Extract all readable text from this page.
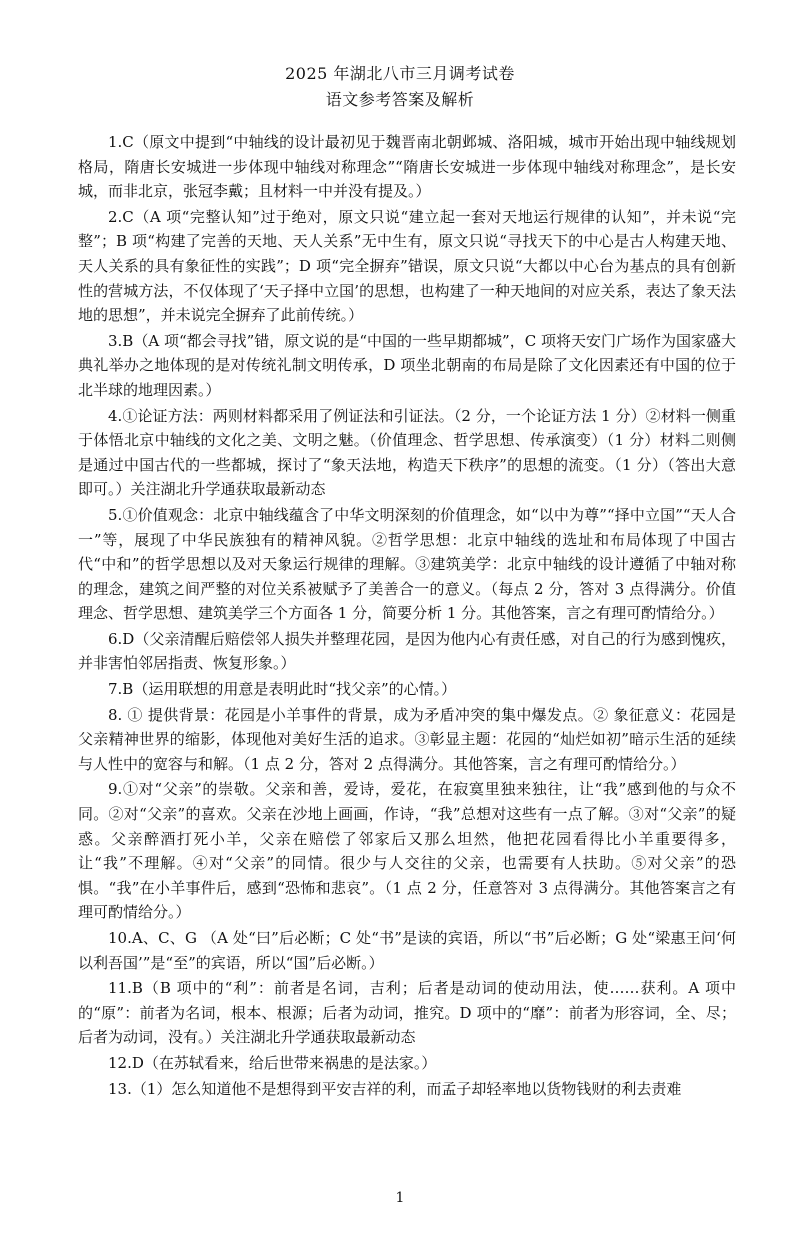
2025 年湖北八市三月调考试卷

语文参考答案及解析

1.C（原文中提到“中轴线的设计最初见于魏晋南北朝邺城、洛阳城，城市开始出现中轴线规划格局，隋唐长安城进一步体现中轴线对称理念”“隋唐长安城进一步体现中轴线对称理念”，是长安城，而非北京，张冠李戴；且材料一中并没有提及。）

2.C（A 项“完整认知”过于绝对，原文只说“建立起一套对天地运行规律的认知”，并未说“完整”；B 项“构建了完善的天地、天人关系”无中生有，原文只说“寻找天下的中心是古人构建天地、天人关系的具有象征性的实践”；D 项“完全摒弃”错误，原文只说“大都以中心台为基点的具有创新性的营城方法，不仅体现了‘天子择中立国’的思想，也构建了一种天地间的对应关系，表达了象天法地的思想”，并未说完全摒弃了此前传统。）

3.B（A 项“都会寻找”错，原文说的是“中国的一些早期都城”，C 项将天安门广场作为国家盛大典礼举办之地体现的是对传统礼制文明传承，D 项坐北朝南的布局是除了文化因素还有中国的位于北半球的地理因素。）

4.①论证方法：两则材料都采用了例证法和引证法。（2 分，一个论证方法 1 分）②材料一侧重于体悟北京中轴线的文化之美、文明之魅。（价值理念、哲学思想、传承演变）（1 分）材料二则侧是通过中国古代的一些都城，探讨了“象天法地，构造天下秩序”的思想的流变。（1 分）（答出大意即可。）关注湖北升学通获取最新动态

5.①价值观念：北京中轴线蕴含了中华文明深刻的价值理念，如“以中为尊”“择中立国”“天人合一”等，展现了中华民族独有的精神风貌。②哲学思想：北京中轴线的选址和布局体现了中国古代“中和”的哲学思想以及对天象运行规律的理解。③建筑美学：北京中轴线的设计遵循了中轴对称的理念，建筑之间严整的对位关系被赋予了美善合一的意义。（每点 2 分，答对 3 点得满分。价值理念、哲学思想、建筑美学三个方面各 1 分，简要分析 1 分。其他答案，言之有理可酌情给分。）

6.D（父亲清醒后赔偿邻人损失并整理花园，是因为他内心有责任感，对自己的行为感到愧疚，并非害怕邻居指责、恢复形象。）

7.B（运用联想的用意是表明此时“找父亲”的心情。）

8. ① 提供背景：花园是小羊事件的背景，成为矛盾冲突的集中爆发点。② 象征意义：花园是父亲精神世界的缩影，体现他对美好生活的追求。③彰显主题：花园的“灿烂如初”暗示生活的延续与人性中的宽容与和解。（1 点 2 分，答对 2 点得满分。其他答案，言之有理可酌情给分。）

9.①对“父亲”的崇敬。父亲和善，爱诗，爱花，在寂寞里独来独往，让“我”感到他的与众不同。②对“父亲”的喜欢。父亲在沙地上画画，作诗，“我”总想对这些有一点了解。③对“父亲”的疑惑。父亲醉酒打死小羊，父亲在赔偿了邻家后又那么坦然，他把花园看得比小羊重要得多，让“我”不理解。④对“父亲”的同情。很少与人交往的父亲，也需要有人扶助。⑤对父亲”的恐惧。“我”在小羊事件后，感到“恐怖和悲哀”。（1 点 2 分，任意答对 3 点得满分。其他答案言之有理可酌情给分。）

10.A、C、G （A 处“曰”后必断；C 处“书”是读的宾语，所以“书”后必断；G 处“梁惠王问‘何以利吾国’”是“至”的宾语，所以“国”后必断。）

11.B（B 项中的“利”：前者是名词，吉利；后者是动词的使动用法，使……获利。A 项中的“原”：前者为名词，根本、根源；后者为动词，推究。D 项中的“靡”：前者为形容词，全、尽；后者为动词，没有。）关注湖北升学通获取最新动态

12.D（在苏轼看来，给后世带来祸患的是法家。）

13.（1）怎么知道他不是想得到平安吉祥的利，而孟子却轻率地以货物钱财的利去责难

1
